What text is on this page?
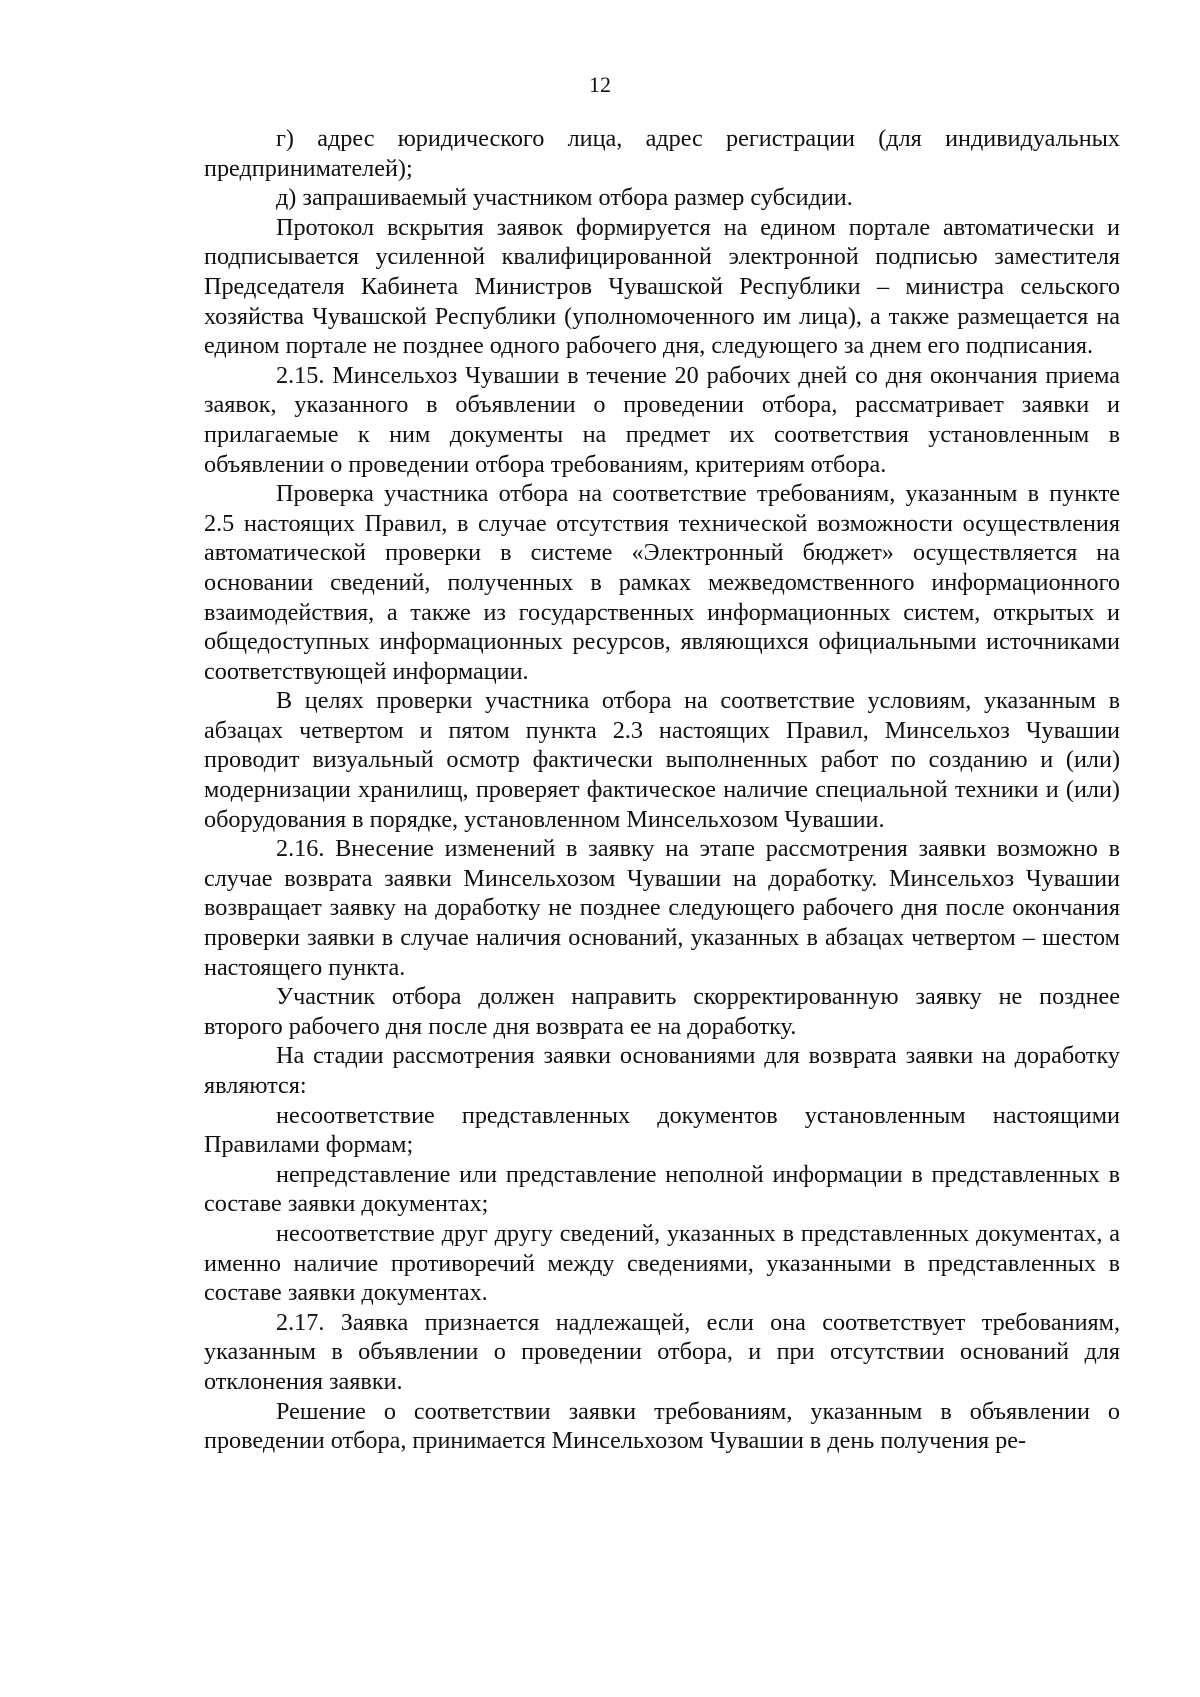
12

г) адрес юридического лица, адрес регистрации (для индивидуальных предпринимателей);

д) запрашиваемый участником отбора размер субсидии.

Протокол вскрытия заявок формируется на едином портале автоматически и подписывается усиленной квалифицированной электронной подписью заместителя Председателя Кабинета Министров Чувашской Республики – министра сельского хозяйства Чувашской Республики (уполномоченного им лица), а также размещается на едином портале не позднее одного рабочего дня, следующего за днем его подписания.

2.15. Минсельхоз Чувашии в течение 20 рабочих дней со дня окончания приема заявок, указанного в объявлении о проведении отбора, рассматривает заявки и прилагаемые к ним документы на предмет их соответствия установленным в объявлении о проведении отбора требованиям, критериям отбора.

Проверка участника отбора на соответствие требованиям, указанным в пункте 2.5 настоящих Правил, в случае отсутствия технической возможности осуществления автоматической проверки в системе «Электронный бюджет» осуществляется на основании сведений, полученных в рамках межведомственного информационного взаимодействия, а также из государственных информационных систем, открытых и общедоступных информационных ресурсов, являющихся официальными источниками соответствующей информации.

В целях проверки участника отбора на соответствие условиям, указанным в абзацах четвертом и пятом пункта 2.3 настоящих Правил, Минсельхоз Чувашии проводит визуальный осмотр фактически выполненных работ по созданию и (или) модернизации хранилищ, проверяет фактическое наличие специальной техники и (или) оборудования в порядке, установленном Минсельхозом Чувашии.

2.16. Внесение изменений в заявку на этапе рассмотрения заявки возможно в случае возврата заявки Минсельхозом Чувашии на доработку. Минсельхоз Чувашии возвращает заявку на доработку не позднее следующего рабочего дня после окончания проверки заявки в случае наличия оснований, указанных в абзацах четвертом – шестом настоящего пункта.

Участник отбора должен направить скорректированную заявку не позднее второго рабочего дня после дня возврата ее на доработку.

На стадии рассмотрения заявки основаниями для возврата заявки на доработку являются:

несоответствие представленных документов установленным настоящими Правилами формам;

непредставление или представление неполной информации в представленных в составе заявки документах;

несоответствие друг другу сведений, указанных в представленных документах, а именно наличие противоречий между сведениями, указанными в представленных в составе заявки документах.

2.17. Заявка признается надлежащей, если она соответствует требованиям, указанным в объявлении о проведении отбора, и при отсутствии оснований для отклонения заявки.

Решение о соответствии заявки требованиям, указанным в объявлении о проведении отбора, принимается Минсельхозом Чувашии в день получения ре-
